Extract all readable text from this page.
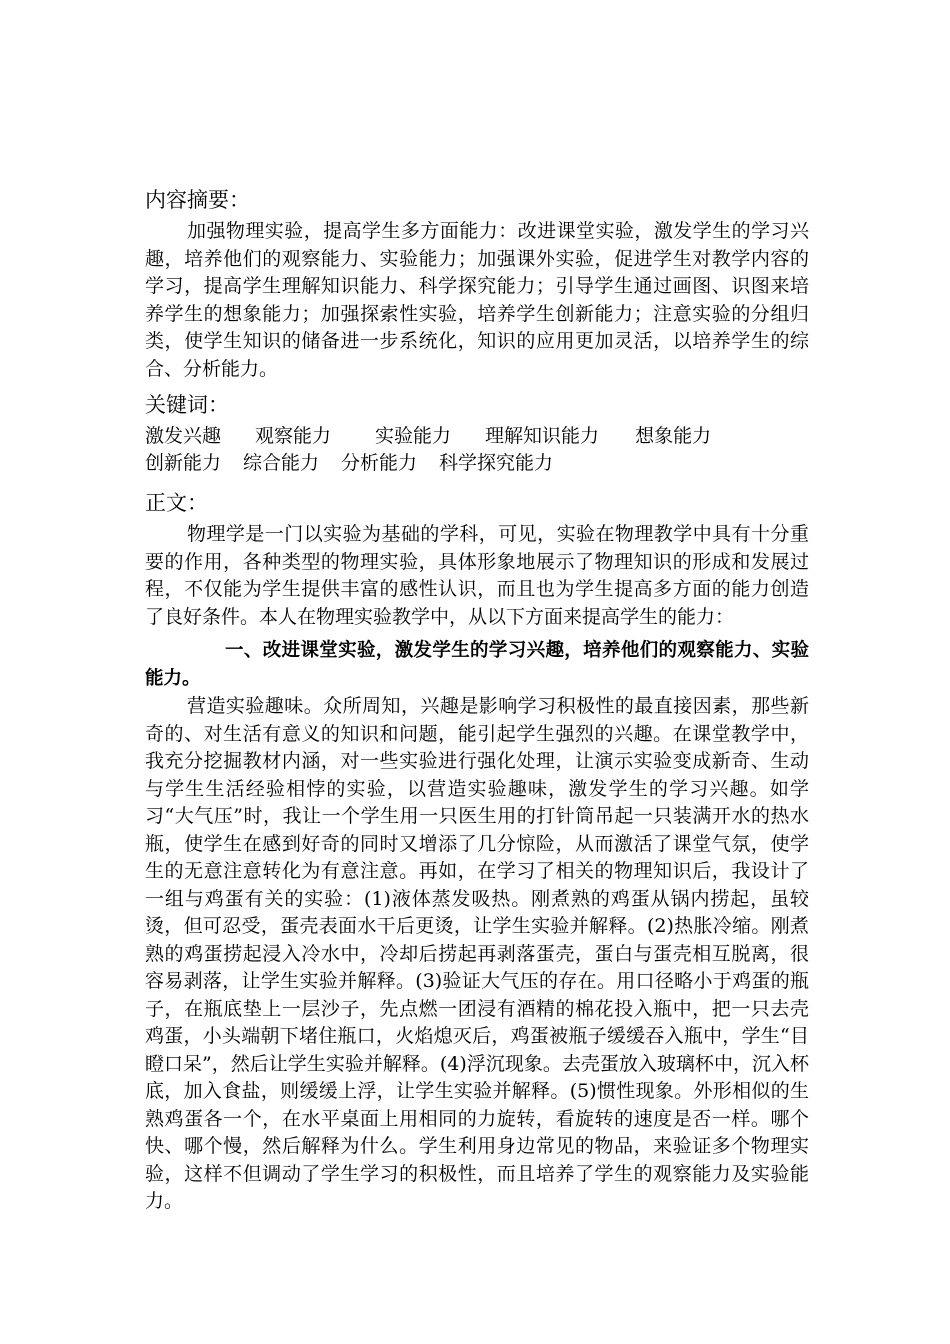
内容摘要：

加强物理实验，提高学生多方面能力：改进课堂实验，激发学生的学习兴趣，培养他们的观察能力、实验能力；加强课外实验，促进学生对教学内容的学习，提高学生理解知识能力、科学探究能力；引导学生通过画图、识图来培养学生的想象能力；加强探索性实验，培养学生创新能力；注意实验的分组归类，使学生知识的储备进一步系统化，知识的应用更加灵活，以培养学生的综合、分析能力。

关键词：
激发兴趣 观察能力 实验能力 理解知识能力 想象能力
创新能力 综合能力 分析能力 科学探究能力
正文：

物理学是一门以实验为基础的学科，可见，实验在物理教学中具有十分重要的作用，各种类型的物理实验，具体形象地展示了物理知识的形成和发展过程，不仅能为学生提供丰富的感性认识，而且也为学生提高多方面的能力创造了良好条件。本人在物理实验教学中，从以下方面来提高学生的能力：

一、改进课堂实验，激发学生的学习兴趣，培养他们的观察能力、实验能力。

营造实验趣味。众所周知，兴趣是影响学习积极性的最直接因素，那些新奇的、对生活有意义的知识和问题，能引起学生强烈的兴趣。在课堂教学中，我充分挖掘教材内涵，对一些实验进行强化处理，让演示实验变成新奇、生动与学生生活经验相悖的实验，以营造实验趣味，激发学生的学习兴趣。如学习“大气压”时，我让一个学生用一只医生用的打针筒吊起一只装满开水的热水瓶，使学生在感到好奇的同时又增添了几分惊险，从而激活了课堂气氛，使学生的无意注意转化为有意注意。再如，在学习了相关的物理知识后，我设计了一组与鸡蛋有关的实验：(1)液体蒸发吸热。刚煮熟的鸡蛋从锅内捞起，虽较烫，但可忍受，蛋壳表面水干后更烫，让学生实验并解释。(2)热胀冷缩。刚煮熟的鸡蛋捞起浸入冷水中，冷却后捞起再剥落蛋壳，蛋白与蛋壳相互脱离，很容易剥落，让学生实验并解释。(3)验证大气压的存在。用口径略小于鸡蛋的瓶子，在瓶底垫上一层沙子，先点燃一团浸有酒精的棉花投入瓶中，把一只去壳鸡蛋，小头端朝下堵住瓶口，火焰熄灭后，鸡蛋被瓶子缓缓吞入瓶中，学生“目瞪口呆”，然后让学生实验并解释。(4)浮沉现象。去壳蛋放入玻璃杯中，沉入杯底，加入食盐，则缓缓上浮，让学生实验并解释。(5)惯性现象。外形相似的生熟鸡蛋各一个，在水平桌面上用相同的力旋转，看旋转的速度是否一样。哪个快、哪个慢，然后解释为什么。学生利用身边常见的物品，来验证多个物理实验，这样不但调动了学生学习的积极性，而且培养了学生的观察能力及实验能力。
